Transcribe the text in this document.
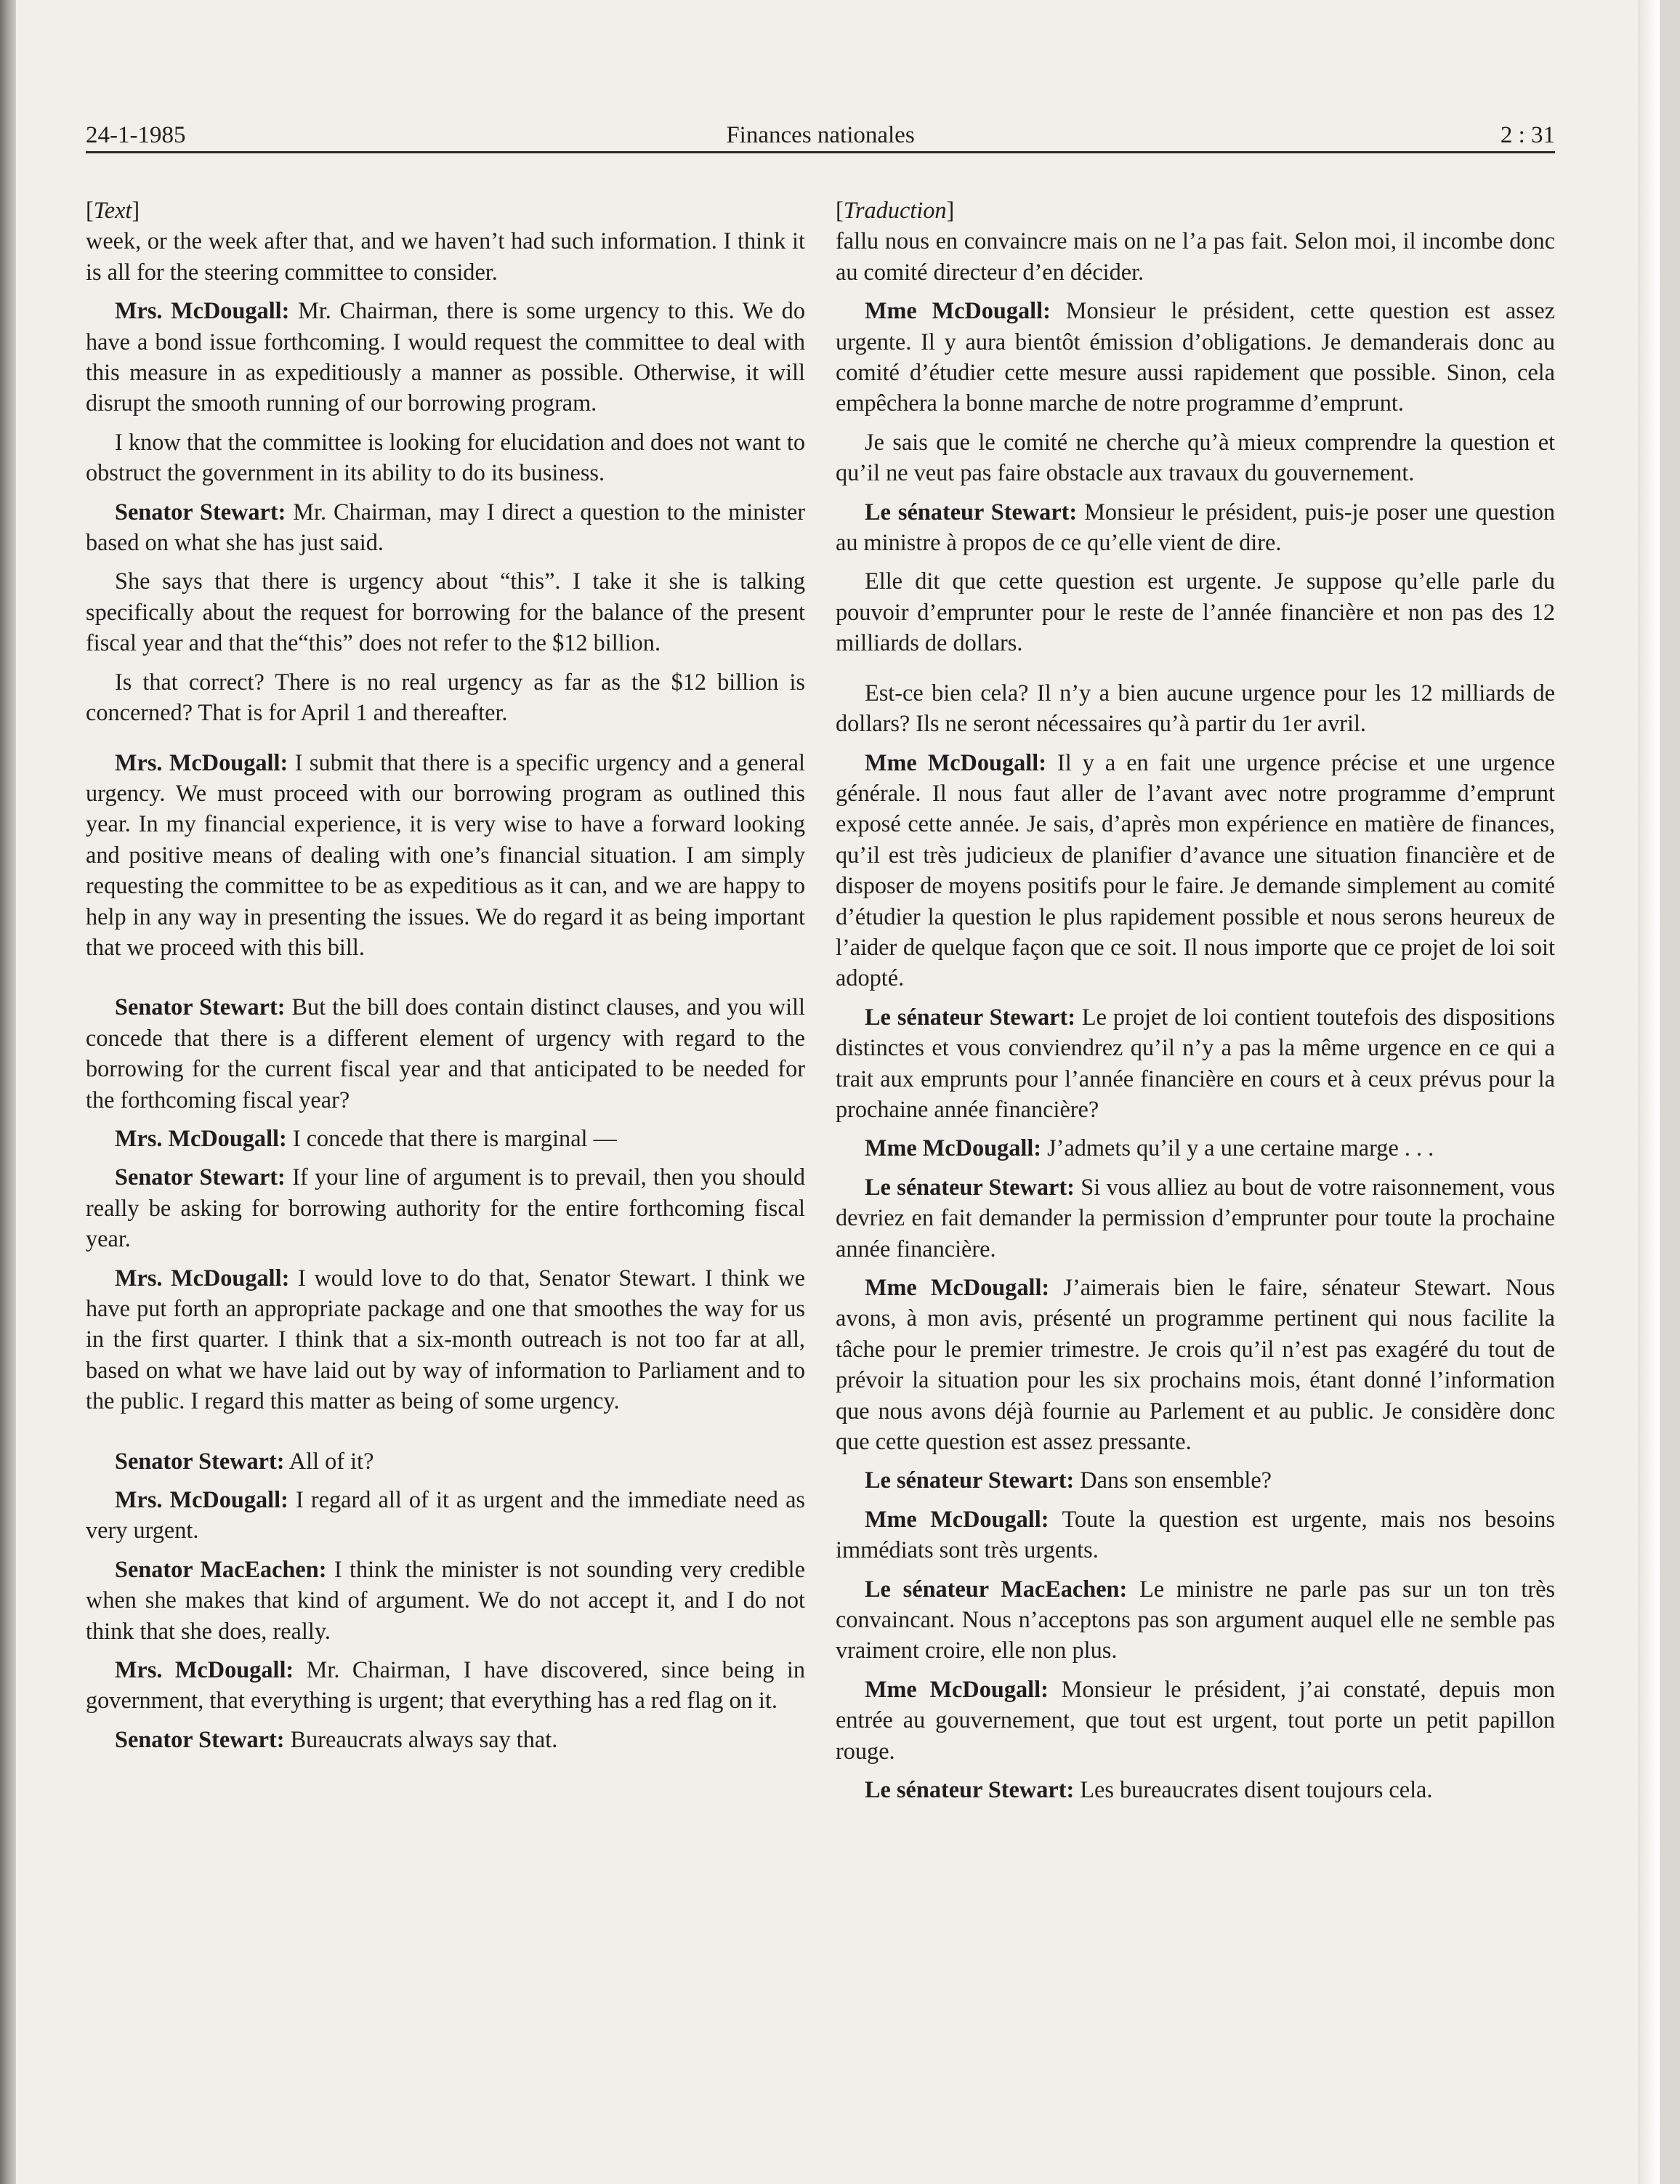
24-1-1985	Finances nationales	2 : 31

[Text]

week, or the week after that, and we haven’t had such information. I think it is all for the steering committee to consider.

Mrs. McDougall: Mr. Chairman, there is some urgency to this. We do have a bond issue forthcoming. I would request the committee to deal with this measure in as expeditiously a manner as possible. Otherwise, it will disrupt the smooth running of our borrowing program.

I know that the committee is looking for elucidation and does not want to obstruct the government in its ability to do its business.

Senator Stewart: Mr. Chairman, may I direct a question to the minister based on what she has just said.

She says that there is urgency about “this”. I take it she is talking specifically about the request for borrowing for the balance of the present fiscal year and that the“this” does not refer to the $12 billion.

Is that correct? There is no real urgency as far as the $12 billion is concerned? That is for April 1 and thereafter.

Mrs. McDougall: I submit that there is a specific urgency and a general urgency. We must proceed with our borrowing program as outlined this year. In my financial experience, it is very wise to have a forward looking and positive means of dealing with one’s financial situation. I am simply requesting the committee to be as expeditious as it can, and we are happy to help in any way in presenting the issues. We do regard it as being important that we proceed with this bill.

Senator Stewart: But the bill does contain distinct clauses, and you will concede that there is a different element of urgency with regard to the borrowing for the current fiscal year and that anticipated to be needed for the forthcoming fiscal year?

Mrs. McDougall: I concede that there is marginal —

Senator Stewart: If your line of argument is to prevail, then you should really be asking for borrowing authority for the entire forthcoming fiscal year.

Mrs. McDougall: I would love to do that, Senator Stewart. I think we have put forth an appropriate package and one that smoothes the way for us in the first quarter. I think that a six-month outreach is not too far at all, based on what we have laid out by way of information to Parliament and to the public. I regard this matter as being of some urgency.

Senator Stewart: All of it?

Mrs. McDougall: I regard all of it as urgent and the immediate need as very urgent.

Senator MacEachen: I think the minister is not sounding very credible when she makes that kind of argument. We do not accept it, and I do not think that she does, really.

Mrs. McDougall: Mr. Chairman, I have discovered, since being in government, that everything is urgent; that everything has a red flag on it.

Senator Stewart: Bureaucrats always say that.

[Traduction]

fallu nous en convaincre mais on ne l’a pas fait. Selon moi, il incombe donc au comité directeur d’en décider.

Mme McDougall: Monsieur le président, cette question est assez urgente. Il y aura bientôt émission d’obligations. Je demanderais donc au comité d’étudier cette mesure aussi rapidement que possible. Sinon, cela empêchera la bonne marche de notre programme d’emprunt.

Je sais que le comité ne cherche qu’à mieux comprendre la question et qu’il ne veut pas faire obstacle aux travaux du gouvernement.

Le sénateur Stewart: Monsieur le président, puis-je poser une question au ministre à propos de ce qu’elle vient de dire.

Elle dit que cette question est urgente. Je suppose qu’elle parle du pouvoir d’emprunter pour le reste de l’année financière et non pas des 12 milliards de dollars.

Est-ce bien cela? Il n’y a bien aucune urgence pour les 12 milliards de dollars? Ils ne seront nécessaires qu’à partir du 1er avril.

Mme McDougall: Il y a en fait une urgence précise et une urgence générale. Il nous faut aller de l’avant avec notre programme d’emprunt exposé cette année. Je sais, d’après mon expérience en matière de finances, qu’il est très judicieux de planifier d’avance une situation financière et de disposer de moyens positifs pour le faire. Je demande simplement au comité d’étudier la question le plus rapidement possible et nous serons heureux de l’aider de quelque façon que ce soit. Il nous importe que ce projet de loi soit adopté.

Le sénateur Stewart: Le projet de loi contient toutefois des dispositions distinctes et vous conviendrez qu’il n’y a pas la même urgence en ce qui a trait aux emprunts pour l’année financière en cours et à ceux prévus pour la prochaine année financière?

Mme McDougall: J’admets qu’il y a une certaine marge . . .

Le sénateur Stewart: Si vous alliez au bout de votre raisonnement, vous devriez en fait demander la permission d’emprunter pour toute la prochaine année financière.

Mme McDougall: J’aimerais bien le faire, sénateur Stewart. Nous avons, à mon avis, présenté un programme pertinent qui nous facilite la tâche pour le premier trimestre. Je crois qu’il n’est pas exagéré du tout de prévoir la situation pour les six prochains mois, étant donné l’information que nous avons déjà fournie au Parlement et au public. Je considère donc que cette question est assez pressante.

Le sénateur Stewart: Dans son ensemble?

Mme McDougall: Toute la question est urgente, mais nos besoins immédiats sont très urgents.

Le sénateur MacEachen: Le ministre ne parle pas sur un ton très convaincant. Nous n’acceptons pas son argument auquel elle ne semble pas vraiment croire, elle non plus.

Mme McDougall: Monsieur le président, j’ai constaté, depuis mon entrée au gouvernement, que tout est urgent, tout porte un petit papillon rouge.

Le sénateur Stewart: Les bureaucrates disent toujours cela.
